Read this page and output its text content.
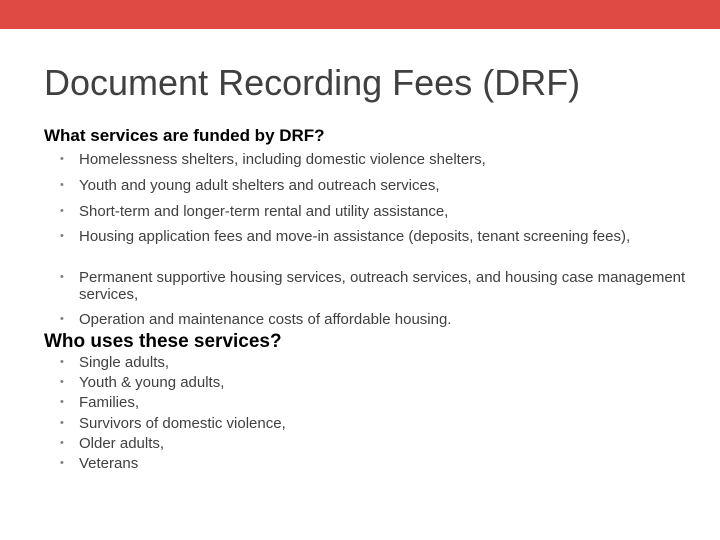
Document Recording Fees (DRF)
What services are funded by DRF?
• Homelessness shelters, including domestic violence shelters,
• Youth and young adult shelters and outreach services,
• Short-term and longer-term rental and utility assistance,
• Housing application fees and move-in assistance (deposits, tenant screening fees),
• Permanent supportive housing services, outreach services, and housing case management services,
• Operation and maintenance costs of affordable housing.
Who uses these services?
• Single adults,
• Youth & young adults,
• Families,
• Survivors of domestic violence,
• Older adults,
• Veterans
